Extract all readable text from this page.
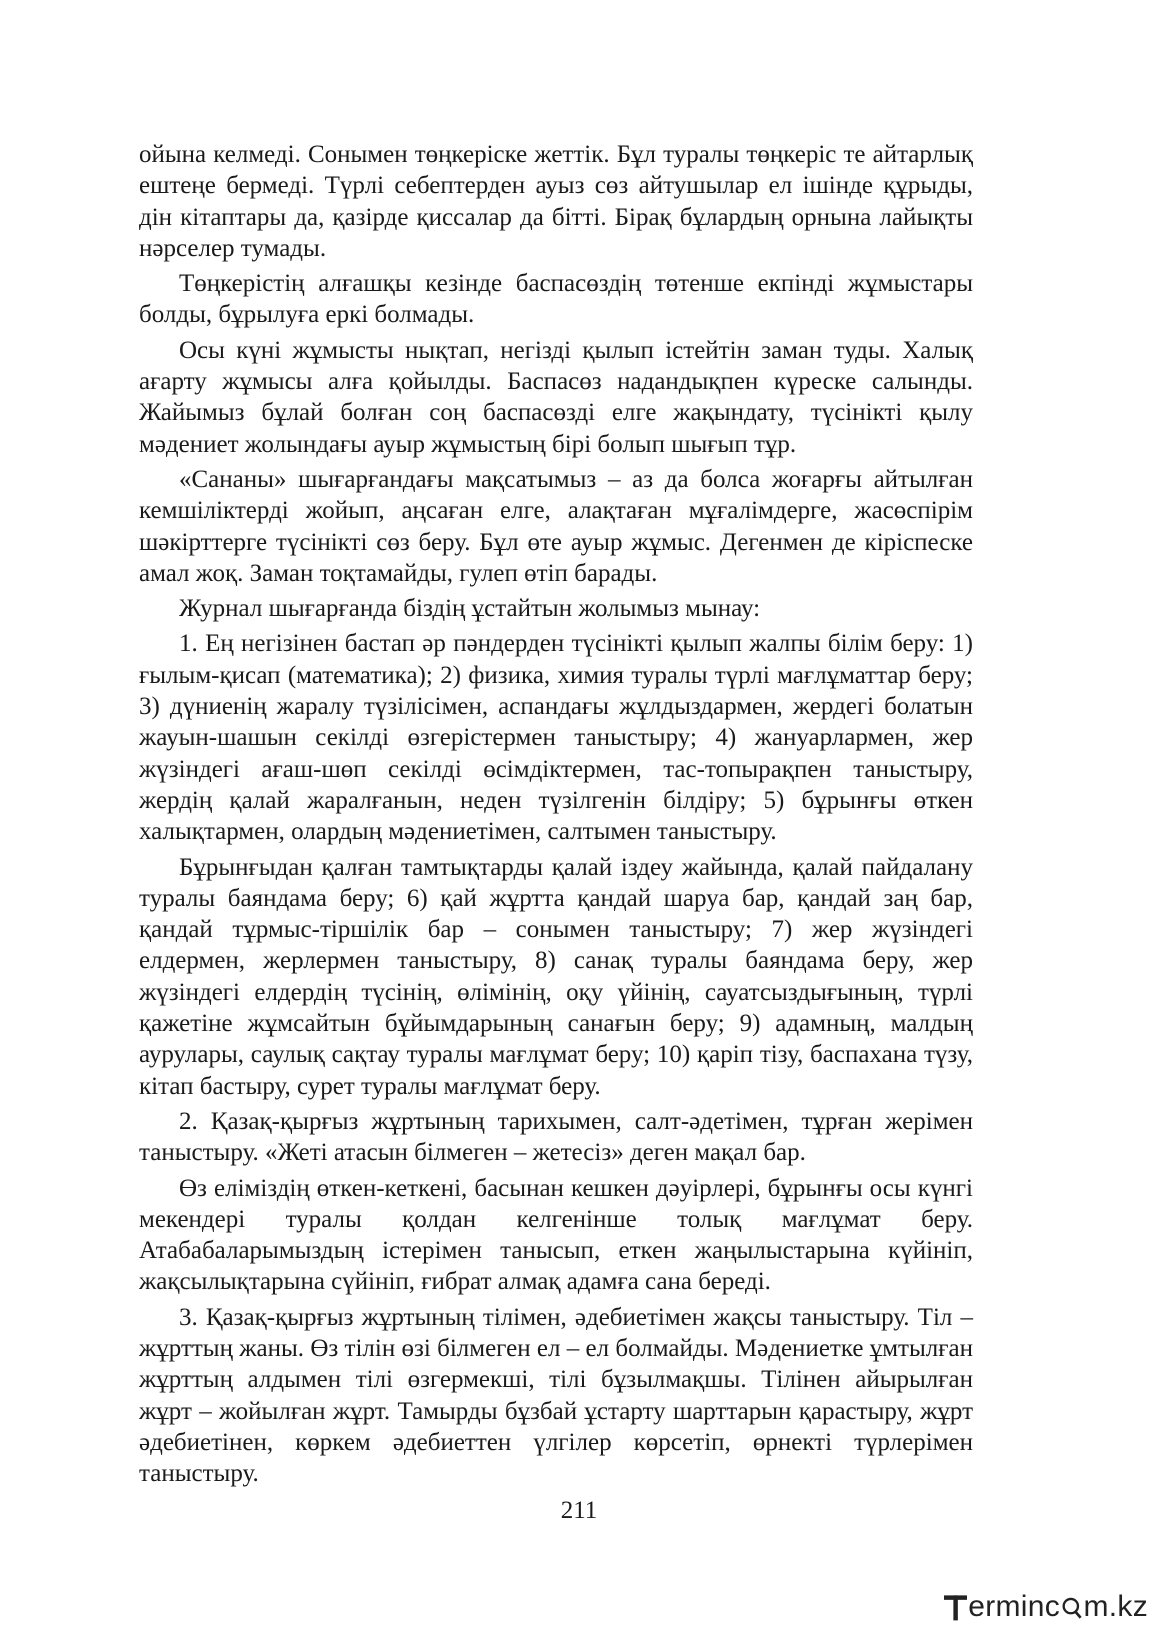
ойына келмеді. Сонымен төңкеріске жеттік. Бұл туралы төңкеріс те айтарлық ештеңе бермеді. Түрлі себептерден ауыз сөз айтушылар ел ішінде құрыды, дін кітаптары да, қазірде қиссалар да бітті. Бірақ бұлардың орнына лайықты нәрселер тумады.

Төңкерістің алғашқы кезінде баспасөздің төтенше екпінді жұмыстары болды, бұрылуға еркі болмады.

Осы күні жұмысты нықтап, негізді қылып істейтін заман туды. Халық ағарту жұмысы алға қойылды. Баспасөз надандықпен күреске салынды. Жайымыз бұлай болған соң баспасөзді елге жақындату, түсінікті қылу мәдениет жолындағы ауыр жұмыстың бірі болып шығып тұр.

«Сананы» шығарғандағы мақсатымыз – аз да болса жоғарғы айтылған кемшіліктерді жойып, аңсаған елге, алақтаған мұғалімдерге, жасөспірім шәкірттерге түсінікті сөз беру. Бұл өте ауыр жұмыс. Дегенмен де кіріспеске амал жоқ. Заман тоқтамайды, гулеп өтіп барады.

Журнал шығарғанда біздің ұстайтын жолымыз мынау:

1. Ең негізінен бастап әр пәндерден түсінікті қылып жалпы білім беру: 1) ғылым-қисап (математика); 2) физика, химия туралы түрлі мағлұматтар беру; 3) дүниенің жаралу түзілісімен, аспандағы жұлдыздармен, жердегі болатын жауын-шашын секілді өзгерістермен таныстыру; 4) жануарлармен, жер жүзіндегі ағаш-шөп секілді өсімдіктермен, тас-топырақпен таныстыру, жердің қалай жаралғанын, неден түзілгенін білдіру; 5) бұрынғы өткен халықтармен, олардың мәдениетімен, салтымен таныстыру.

Бұрынғыдан қалған тамтықтарды қалай іздеу жайында, қалай пайдалану туралы баяндама беру; 6) қай жұртта қандай шаруа бар, қандай заң бар, қандай тұрмыс-тіршілік бар – сонымен таныстыру; 7) жер жүзіндегі елдермен, жерлермен таныстыру, 8) санақ туралы баяндама беру, жер жүзіндегі елдердің түсінің, өлімінің, оқу үйінің, сауатсыздығының, түрлі қажетіне жұмсайтын бұйымдарының санағын беру; 9) адамның, малдың аурулары, саулық сақтау туралы мағлұмат беру; 10) қаріп тізу, баспахана түзу, кітап бастыру, сурет туралы мағлұмат беру.

2. Қазақ-қырғыз жұртының тарихымен, салт-әдетімен, тұрған жерімен таныстыру. «Жеті атасын білмеген – жетесіз» деген мақал бар.

Өз еліміздің өткен-кеткені, басынан кешкен дәуірлері, бұрынғы осы күнгі мекендері туралы қолдан келгенінше толық мағлұмат беру. Атабабаларымыздың істерімен танысып, еткен жаңылыстарына күйініп, жақсылықтарына сүйініп, ғибрат алмақ адамға сана береді.

3. Қазақ-қырғыз жұртының тілімен, әдебиетімен жақсы таныстыру. Тіл – жұрттың жаны. Өз тілін өзі білмеген ел – ел болмайды. Мәдениетке ұмтылған жұрттың алдымен тілі өзгермекші, тілі бұзылмақшы. Тілінен айырылған жұрт – жойылған жұрт. Тамырды бұзбай ұстарту шарттарын қарастыру, жұрт әдебиетінен, көркем әдебиеттен үлгілер көрсетіп, өрнекті түрлерімен таныстыру.

211
ermin c m.kz
